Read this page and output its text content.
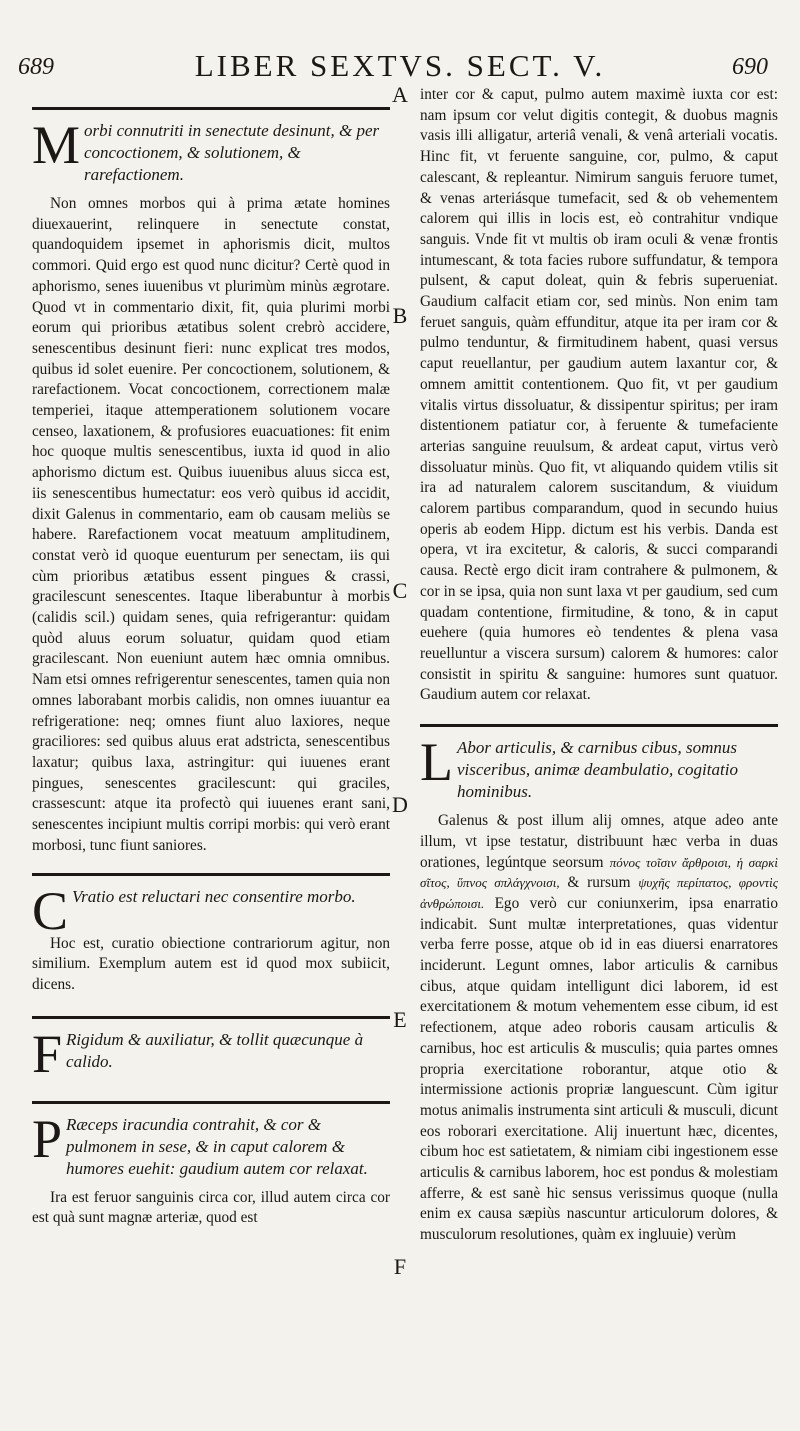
689	LIBER SEXTVS. SECT. V.	690
A
B
C
D
E
F

M orbi connutriti in senectute desinunt, & per concoctionem, & solutionem, & rarefactionem.

Non omnes morbos qui à prima ætate homines diuexauerint, relinquere in senectute constat, quandoquidem ipsemet in aphorismis dicit, multos commori. Quid ergo est quod nunc dicitur? Certè quod in aphorismo, senes iuuenibus vt plurimùm minùs ægrotare. Quod vt in commentario dixit, fit, quia plurimi morbi eorum qui prioribus ætatibus solent crebrò accidere, senescentibus desinunt fieri: nunc explicat tres modos, quibus id solet euenire. Per concoctionem, solutionem, & rarefactionem. Vocat concoctionem, correctionem malæ temperiei, itaque attemperationem solutionem vocare censeo, laxationem, & profusiores euacuationes: fit enim hoc quoque multis senescentibus, iuxta id quod in alio aphorismo dictum est. Quibus iuuenibus aluus sicca est, iis senescentibus humectatur: eos verò quibus id accidit, dixit Galenus in commentario, eam ob causam meliùs se habere. Rarefactionem vocat meatuum amplitudinem, constat verò id quoque euenturum per senectam, iis qui cùm prioribus ætatibus essent pingues & crassi, gracilescunt senescentes. Itaque liberabuntur à morbis (calidis scil.) quidam senes, quia refrigerantur: quidam quòd aluus eorum soluatur, quidam quod etiam gracilescant. Non eueniunt autem hæc omnia omnibus. Nam etsi omnes refrigerentur senescentes, tamen quia non omnes laborabant morbis calidis, non omnes iuuantur ea refrigeratione: neq; omnes fiunt aluo laxiores, neque graciliores: sed quibus aluus erat adstricta, senescentibus laxatur; quibus laxa, astringitur: qui iuuenes erant pingues, senescentes gracilescunt: qui graciles, crassescunt: atque ita profectò qui iuuenes erant sani, senescentes incipiunt multis corripi morbis: qui verò erant morbosi, tunc fiunt saniores.

C Vratio est reluctari nec consentire morbo.

Hoc est, curatio obiectione contrariorum agitur, non similium. Exemplum autem est id quod mox subiicit, dicens.

F Rigidum & auxiliatur, & tollit quæcunque à calido.

P Ræceps iracundia contrahit, & cor & pulmonem in sese, & in caput calorem & humores euehit: gaudium autem cor relaxat.

Ira est feruor sanguinis circa cor, illud autem circa cor est quà sunt magnæ arteriæ, quod est

inter cor & caput, pulmo autem maximè iuxta cor est: nam ipsum cor velut digitis contegit, & duobus magnis vasis illi alligatur, arteriâ venali, & venâ arteriali vocatis. Hinc fit, vt feruente sanguine, cor, pulmo, & caput calescant, & repleantur. Nimirum sanguis feruore tumet, & venas arteriásque tumefacit, sed & ob vehementem calorem qui illis in locis est, eò contrahitur vndique sanguis. Vnde fit vt multis ob iram oculi & venæ frontis intumescant, & tota facies rubore suffundatur, & tempora pulsent, & caput doleat, quin & febris superueniat. Gaudium calfacit etiam cor, sed minùs. Non enim tam feruet sanguis, quàm effunditur, atque ita per iram cor & pulmo tenduntur, & firmitudinem habent, quasi versus caput reuellantur, per gaudium autem laxantur cor, & omnem amittit contentionem. Quo fit, vt per gaudium vitalis virtus dissoluatur, & dissipentur spiritus; per iram distentionem patiatur cor, à feruente & tumefaciente arterias sanguine reuulsum, & ardeat caput, virtus verò dissoluatur minùs. Quo fit, vt aliquando quidem vtilis sit ira ad naturalem calorem suscitandum, & viuidum calorem partibus comparandum, quod in secundo huius operis ab eodem Hipp. dictum est his verbis. Danda est opera, vt ira excitetur, & caloris, & succi comparandi causa. Rectè ergo dicit iram contrahere & pulmonem, & cor in se ipsa, quia non sunt laxa vt per gaudium, sed cum quadam contentione, firmitudine, & tono, & in caput euehere (quia humores eò tendentes & plena vasa reuelluntur a viscera sursum) calorem & humores: calor consistit in spiritu & sanguine: humores sunt quatuor. Gaudium autem cor relaxat.

L Abor articulis, & carnibus cibus, somnus visceribus, animæ deambulatio, cogitatio hominibus.

Galenus & post illum alij omnes, atque adeo ante illum, vt ipse testatur, distribuunt hæc verba in duas orationes, legúntque seorsum πόνος τοῖσιν ἄρθροισι, ἡ σαρκὶ σῖτος, ὕπνος σπλάγχνοισι, & rursum ψυχῆς περίπατος, φροντὶς ἀνθρώποισι. Ego verò cur coniunxerim, ipsa enarratio indicabit. Sunt multæ interpretationes, quas videntur verba ferre posse, atque ob id in eas diuersi enarratores inciderunt. Legunt omnes, labor articulis & carnibus cibus, atque quidam intelligunt dici laborem, id est exercitationem & motum vehementem esse cibum, id est refectionem, atque adeo roboris causam articulis & carnibus, hoc est articulis & musculis; quia partes omnes propria exercitatione roborantur, atque otio & intermissione actionis propriæ languescunt. Cùm igitur motus animalis instrumenta sint articuli & musculi, dicunt eos roborari exercitatione. Alij inuertunt hæc, dicentes, cibum hoc est satietatem, & nimiam cibi ingestionem esse articulis & carnibus laborem, hoc est pondus & molestiam afferre, & est sanè hic sensus verissimus quoque (nulla enim ex causa sæpiùs nascuntur articulorum dolores, & musculorum resolutiones, quàm ex ingluuie) verùm
